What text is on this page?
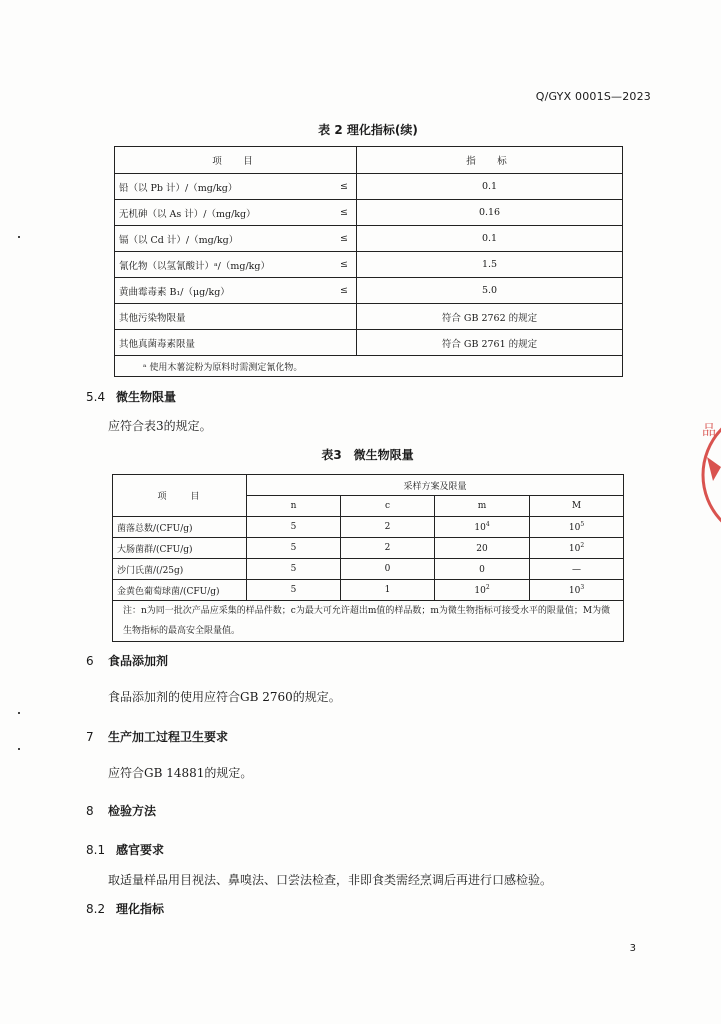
Q/GYX 0001S—2023
表 2 理化指标(续)
项　目		指　标
铅（以 Pb 计）/（mg/kg）	≤	0.1
无机砷（以 As 计）/（mg/kg）	≤	0.16
镉（以 Cd 计）/（mg/kg）	≤	0.1
氰化物（以氢氰酸计）ᵃ/（mg/kg）	≤	1.5
黄曲霉毒素 B₁/（μg/kg）	≤	5.0
其他污染物限量		符合 GB 2762 的规定
其他真菌毒素限量		符合 GB 2761 的规定
ᵃ 使用木薯淀粉为原料时需测定氰化物。		
5.4 微生物限量
应符合表3的规定。
表3　微生物限量
项　　目	采样方案及限量			
	n	c	m	M
菌落总数/(CFU/g)	5	2	$10^4$	$10^5$
大肠菌群/(CFU/g)	5	2	20	$10^2$
沙门氏菌/(/25g)	5	0	0	—
金黄色葡萄球菌/(CFU/g)	5	1	$10^2$	$10^3$
注：n为同一批次产品应采集的样品件数；c为最大可允许超出m值的样品数；m为微生物指标可接受水平的限量值；M为微生物指标的最高安全限量值。				
6 食品添加剂
食品添加剂的使用应符合GB 2760的规定。
7 生产加工过程卫生要求
应符合GB 14881的规定。
8 检验方法
8.1 感官要求
取适量样品用目视法、鼻嗅法、口尝法检查，非即食类需经烹调后再进行口感检验。
8.2 理化指标
3
品
